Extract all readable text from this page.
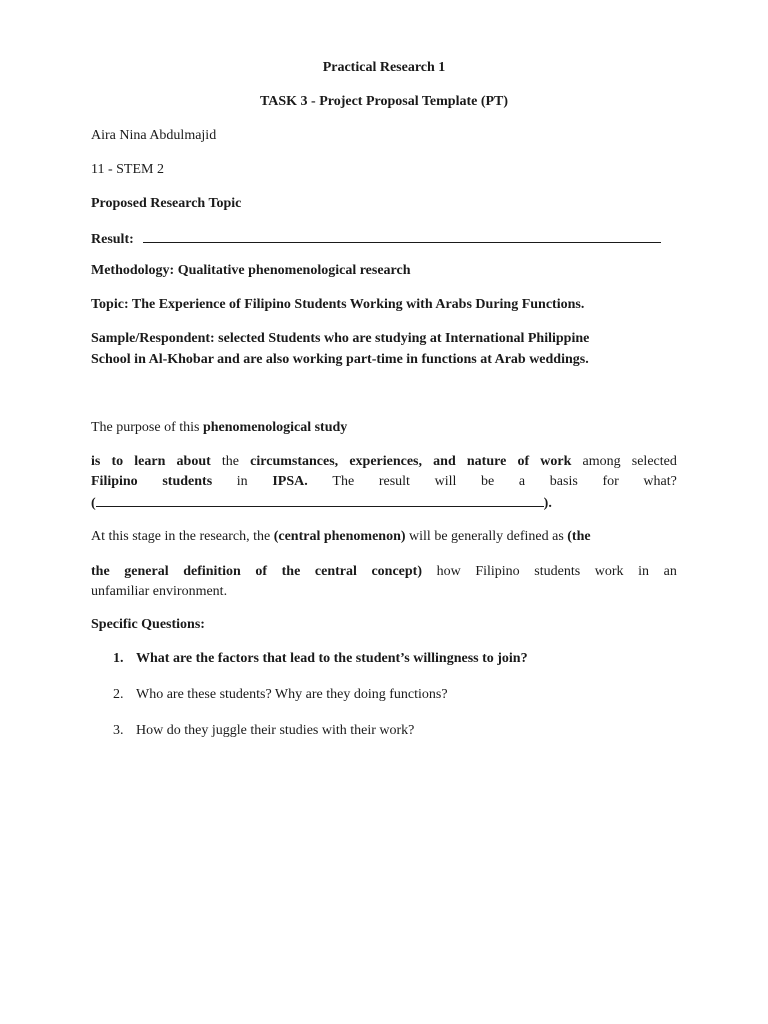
Practical Research 1
TASK 3 - Project Proposal Template (PT)
Aira Nina Abdulmajid
11 - STEM 2
Proposed Research Topic
Result:
Methodology: Qualitative phenomenological research
Topic: The Experience of Filipino Students Working with Arabs During Functions.
Sample/Respondent: selected Students who are studying at International Philippine
School in Al-Khobar and are also working part-time in functions at Arab weddings.
The purpose of this phenomenological study
is to learn about the circumstances, experiences, and nature of work among selected
Filipino students in IPSA. The result will be a basis for what?
(	).
At this stage in the research, the (central phenomenon) will be generally defined as (the
the general definition of the central concept) how Filipino students work in an
unfamiliar environment.
Specific Questions:
1. What are the factors that lead to the student’s willingness to join?
2. Who are these students? Why are they doing functions?
3. How do they juggle their studies with their work?
